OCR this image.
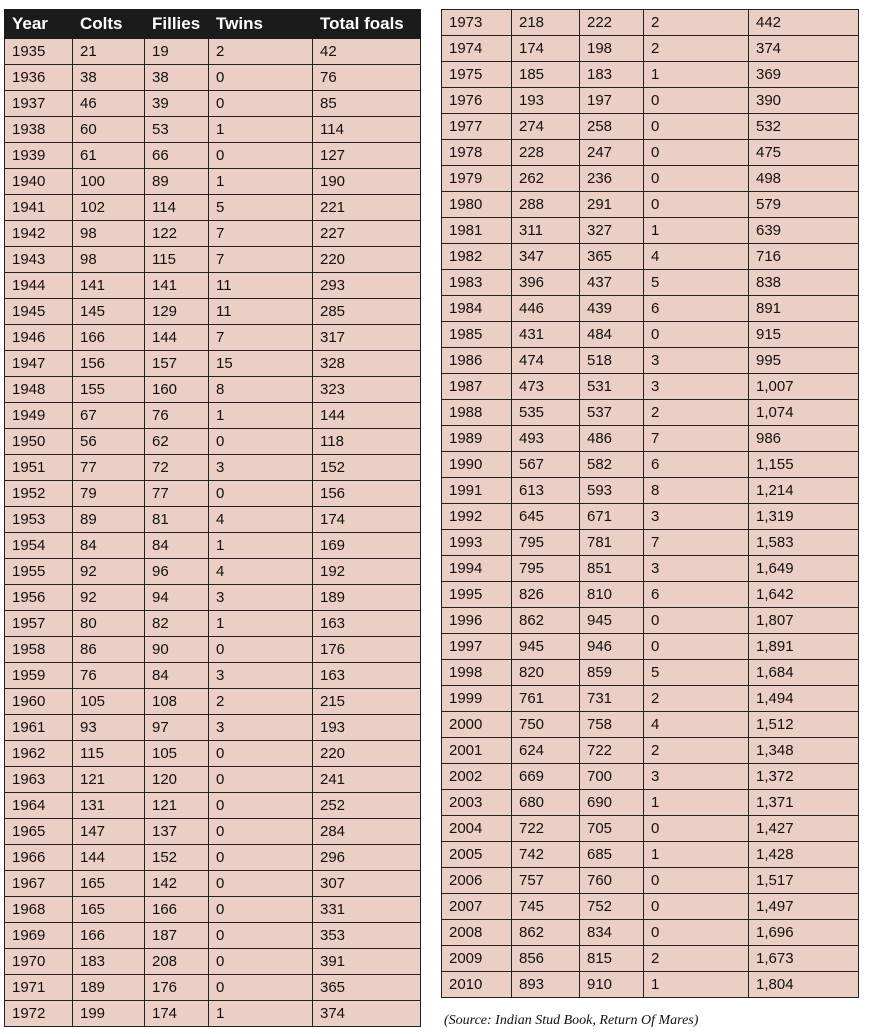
Year	Colts	Fillies	Twins	Total foals
1935	21	19	2	42
1936	38	38	0	76
1937	46	39	0	85
1938	60	53	1	114
1939	61	66	0	127
1940	100	89	1	190
1941	102	114	5	221
1942	98	122	7	227
1943	98	115	7	220
1944	141	141	11	293
1945	145	129	11	285
1946	166	144	7	317
1947	156	157	15	328
1948	155	160	8	323
1949	67	76	1	144
1950	56	62	0	118
1951	77	72	3	152
1952	79	77	0	156
1953	89	81	4	174
1954	84	84	1	169
1955	92	96	4	192
1956	92	94	3	189
1957	80	82	1	163
1958	86	90	0	176
1959	76	84	3	163
1960	105	108	2	215
1961	93	97	3	193
1962	115	105	0	220
1963	121	120	0	241
1964	131	121	0	252
1965	147	137	0	284
1966	144	152	0	296
1967	165	142	0	307
1968	165	166	0	331
1969	166	187	0	353
1970	183	208	0	391
1971	189	176	0	365
1972	199	174	1	374
1973	218	222	2	442
1974	174	198	2	374
1975	185	183	1	369
1976	193	197	0	390
1977	274	258	0	532
1978	228	247	0	475
1979	262	236	0	498
1980	288	291	0	579
1981	311	327	1	639
1982	347	365	4	716
1983	396	437	5	838
1984	446	439	6	891
1985	431	484	0	915
1986	474	518	3	995
1987	473	531	3	1,007
1988	535	537	2	1,074
1989	493	486	7	986
1990	567	582	6	1,155
1991	613	593	8	1,214
1992	645	671	3	1,319
1993	795	781	7	1,583
1994	795	851	3	1,649
1995	826	810	6	1,642
1996	862	945	0	1,807
1997	945	946	0	1,891
1998	820	859	5	1,684
1999	761	731	2	1,494
2000	750	758	4	1,512
2001	624	722	2	1,348
2002	669	700	3	1,372
2003	680	690	1	1,371
2004	722	705	0	1,427
2005	742	685	1	1,428
2006	757	760	0	1,517
2007	745	752	0	1,497
2008	862	834	0	1,696
2009	856	815	2	1,673
2010	893	910	1	1,804
(Source: Indian Stud Book, Return Of Mares)
